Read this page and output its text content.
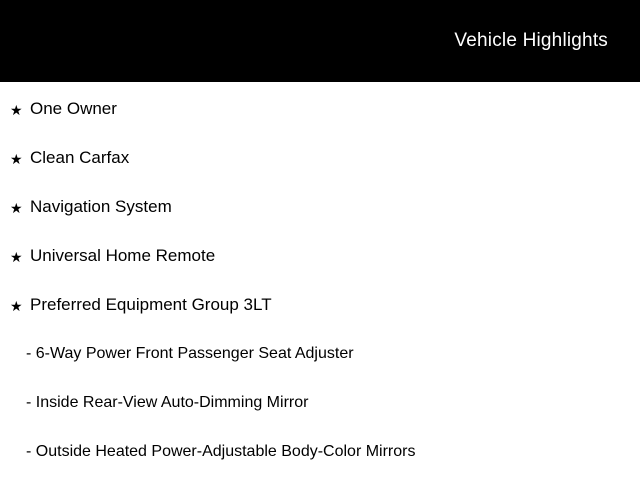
Vehicle Highlights
★ One Owner
★ Clean Carfax
★ Navigation System
★ Universal Home Remote
★ Preferred Equipment Group 3LT
- 6-Way Power Front Passenger Seat Adjuster
- Inside Rear-View Auto-Dimming Mirror
- Outside Heated Power-Adjustable Body-Color Mirrors
